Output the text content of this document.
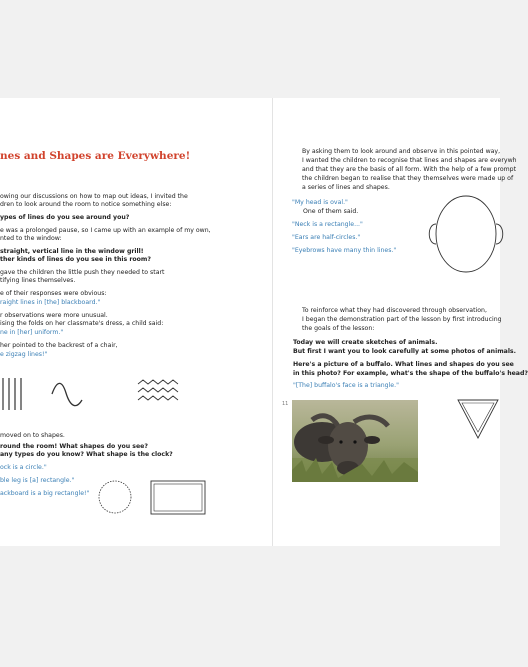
nes and Shapes are Everywhere!
owing our discussions on how to map out ideas, I invited the
dren to look around the room to notice something else:
ypes of lines do you see around you?
e was a prolonged pause, so I came up with an example of my own,
nted to the window:
straight, vertical line in the window grill!
ther kinds of lines do you see in this room?
gave the children the little push they needed to start
tifying lines themselves.
e of their responses were obvious:
raight lines in [the] blackboard."
r observations were more unusual.
ising the folds on her classmate's dress, a child said:
ne in [her] uniform."
her pointed to the backrest of a chair,
e zigzag lines!"
moved on to shapes.
round the room! What shapes do you see?
any types do you know? What shape is the clock?
ock is a circle."
ble leg is [a] rectangle."
ackboard is a big rectangle!"
By asking them to look around and observe in this pointed way,
I wanted the children to recognise that lines and shapes are everywh
and that they are the basis of all form. With the help of a few prompt
the children began to realise that they themselves were made up of
a series of lines and shapes.
"My head is oval."
One of them said.
"Neck is a rectangle..."
"Ears are half-circles."
"Eyebrows have many thin lines."
To reinforce what they had discovered through observation,
I began the demonstration part of the lesson by first introducing
the goals of the lesson:
Today we will create sketches of animals.
But first I want you to look carefully at some photos of animals.
Here's a picture of a buffalo. What lines and shapes do you see
in this photo? For example, what's the shape of the buffalo's head?
"[The] buffalo's face is a triangle."
11
